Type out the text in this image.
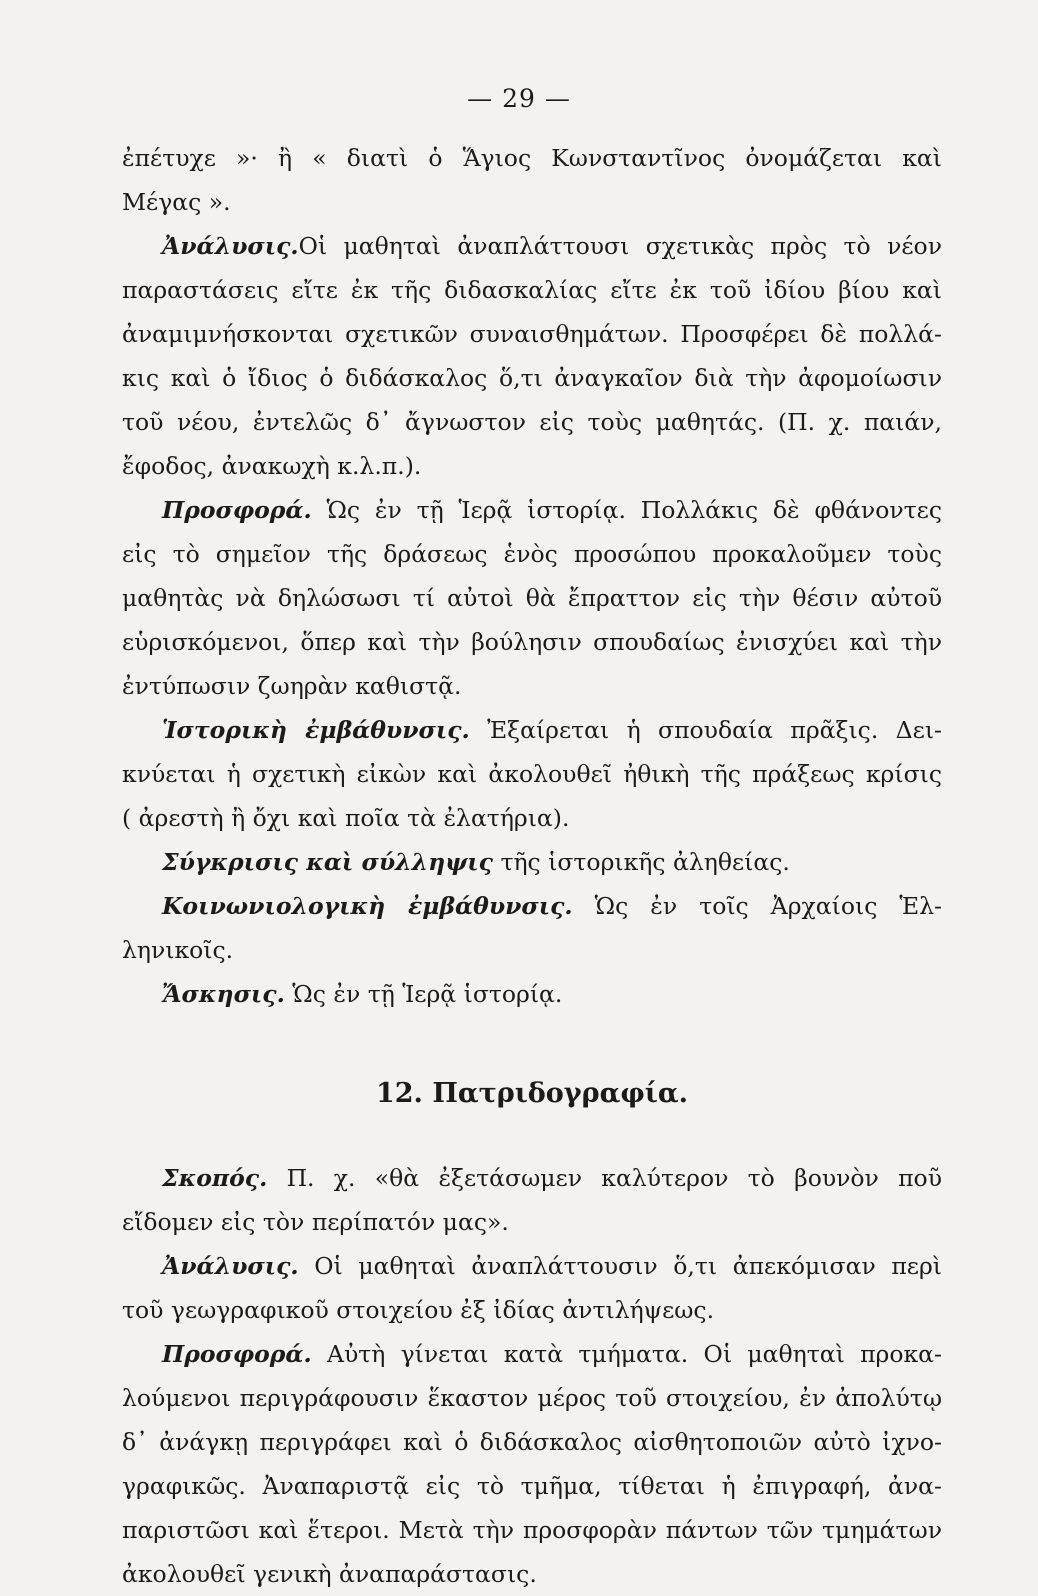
— 29 —
ἐπέτυχε »· ἢ « διατὶ ὁ Ἅγιος Κωνσταντῖνος ὀνομάζεται καὶ
Μέγας ».
Ἀνάλυσις.Οἱ μαθηταὶ ἀναπλάττουσι σχετικὰς πρὸς τὸ νέον
παραστάσεις εἴτε ἐκ τῆς διδασκαλίας εἴτε ἐκ τοῦ ἰδίου βίου καὶ
ἀναμιμνήσκονται σχετικῶν συναισθημάτων. Προσφέρει δὲ πολλά-
κις καὶ ὁ ἴδιος ὁ διδάσκαλος ὅ,τι ἀναγκαῖον διὰ τὴν ἀφομοίωσιν
τοῦ νέου, ἐντελῶς δ᾿ ἄγνωστον εἰς τοὺς μαθητάς. (Π. χ. παιάν,
ἔφοδος, ἀνακωχὴ κ.λ.π.).
Προσφορά. Ὡς ἐν τῇ Ἱερᾷ ἱστορίᾳ. Πολλάκις δὲ φθάνοντες
εἰς τὸ σημεῖον τῆς δράσεως ἑνὸς προσώπου προκαλοῦμεν τοὺς
μαθητὰς νὰ δηλώσωσι τί αὐτοὶ θὰ ἔπραττον εἰς τὴν θέσιν αὐτοῦ
εὑρισκόμενοι, ὅπερ καὶ τὴν βούλησιν σπουδαίως ἐνισχύει καὶ τὴν
ἐντύπωσιν ζωηρὰν καθιστᾷ.
Ἱστορικὴ ἐμβάθυνσις. Ἐξαίρεται ἡ σπουδαία πρᾶξις. Δει-
κνύεται ἡ σχετικὴ εἰκὼν καὶ ἀκολουθεῖ ἠθικὴ τῆς πράξεως κρίσις
( ἀρεστὴ ἢ ὄχι καὶ ποῖα τὰ ἐλατήρια).
Σύγκρισις καὶ σύλληψις τῆς ἱστορικῆς ἀληθείας.
Κοινωνιολογικὴ ἐμβάθυνσις. Ὡς ἐν τοῖς Ἀρχαίοις Ἑλ-
ληνικοῖς.
Ἄσκησις. Ὡς ἐν τῇ Ἱερᾷ ἱστορίᾳ.
12. Πατριδογραφία.
Σκοπός. Π. χ. «θὰ ἐξετάσωμεν καλύτερον τὸ βουνὸν ποῦ
εἴδομεν εἰς τὸν περίπατόν μας».
Ἀνάλυσις. Οἱ μαθηταὶ ἀναπλάττουσιν ὅ,τι ἀπεκόμισαν περὶ
τοῦ γεωγραφικοῦ στοιχείου ἐξ ἰδίας ἀντιλήψεως.
Προσφορά. Αὐτὴ γίνεται κατὰ τμήματα. Οἱ μαθηταὶ προκα-
λούμενοι περιγράφουσιν ἕκαστον μέρος τοῦ στοιχείου, ἐν ἀπολύτῳ
δ᾿ ἀνάγκῃ περιγράφει καὶ ὁ διδάσκαλος αἰσθητοποιῶν αὐτὸ ἰχνο-
γραφικῶς. Ἀναπαριστᾷ εἰς τὸ τμῆμα, τίθεται ἡ ἐπιγραφή, ἀνα-
παριστῶσι καὶ ἕτεροι. Μετὰ τὴν προσφορὰν πάντων τῶν τμημάτων
ἀκολουθεῖ γενικὴ ἀναπαράστασις.
